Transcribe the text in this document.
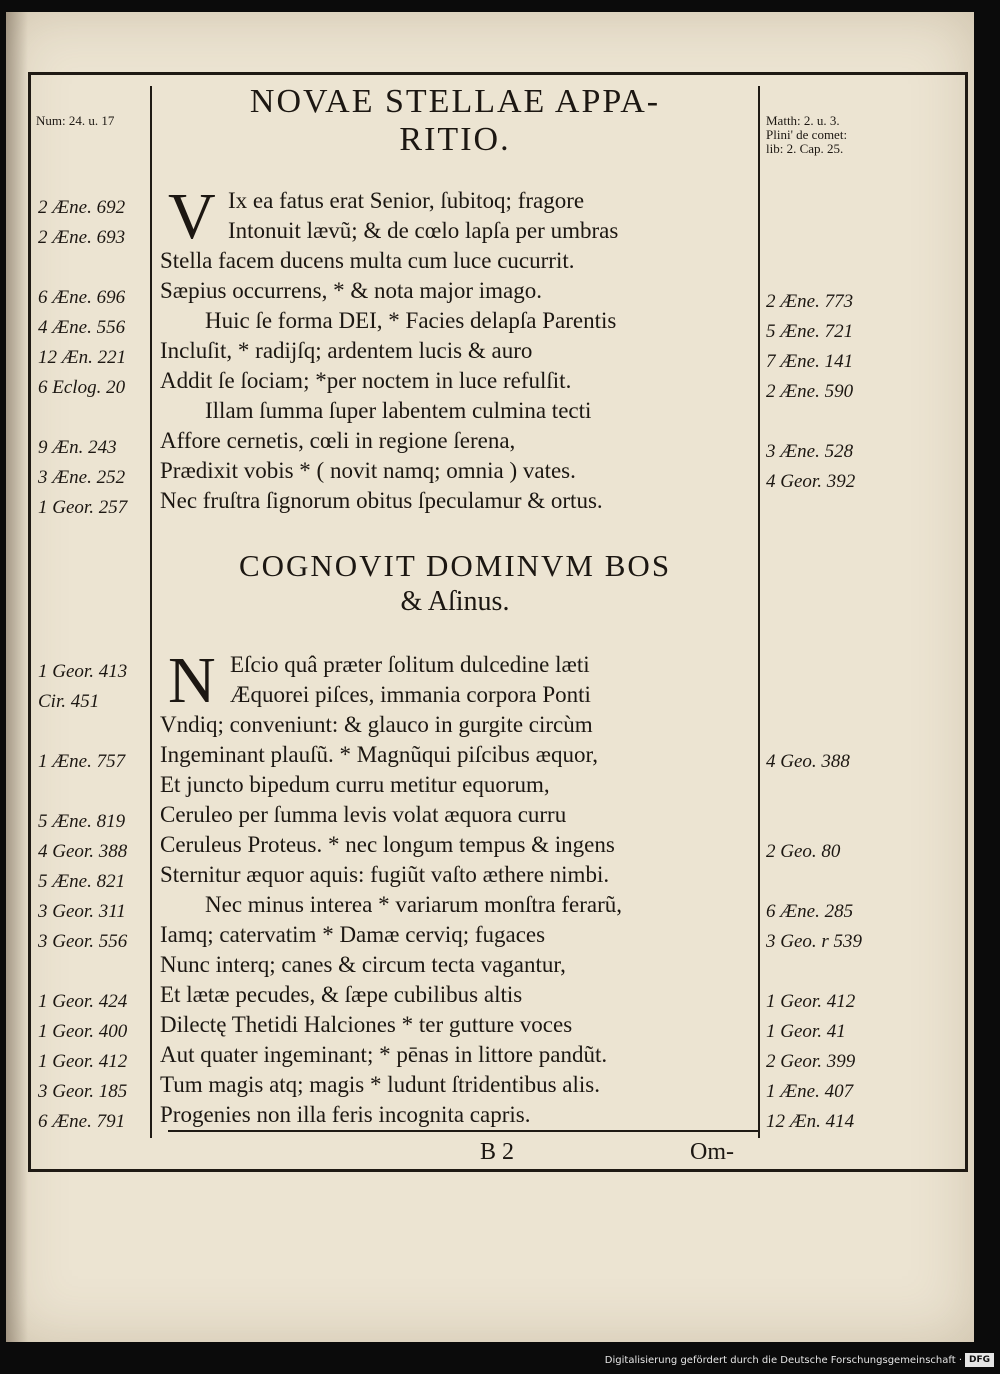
NOVAE STELLAE APPA-
RITIO.
V Ix ea fatus erat Senior, ſubitoq; fragore
Intonuit lævũ; & de cœlo lapſa per umbras
Stella facem ducens multa cum luce cucurrit.
Sæpius occurrens, * & nota major imago.
Huic ſe forma DEI, * Facies delapſa Parentis
Incluſit, * radijſq; ardentem lucis & auro
Addit ſe ſociam; *per noctem in luce refulſit.
Illam ſumma ſuper labentem culmina tecti
Affore cernetis, cœli in regione ſerena,
Prædixit vobis * ( novit namq; omnia ) vates.
Nec fruſtra ſignorum obitus ſpeculamur & ortus.
COGNOVIT DOMINVM BOS
& Aſinus.
N Eſcio quâ præter ſolitum dulcedine læti
Æquorei piſces, immania corpora Ponti
Vndiq; conveniunt: & glauco in gurgite circùm
Ingeminant plauſũ. * Magnũqui piſcibus æquor,
Et juncto bipedum curru metitur equorum,
Ceruleo per ſumma levis volat æquora curru
Ceruleus Proteus. * nec longum tempus & ingens
Sternitur æquor aquis: fugiũt vaſto æthere nimbi.
Nec minus interea * variarum monſtra ferarũ,
Iamq; catervatim * Damæ cerviq; fugaces
Nunc interq; canes & circum tecta vagantur,
Et lætæ pecudes, & ſæpe cubilibus altis
Dilectę Thetidi Halciones * ter gutture voces
Aut quater ingeminant; * pēnas in littore pandũt.
Tum magis atq; magis * ludunt ſtridentibus alis.
Progenies non illa feris incognita capris.
Num: 24. u. 17
2 Æne. 692
2 Æne. 693
6 Æne. 696
4 Æne. 556
12 Æn. 221
6 Eclog. 20
9 Æn. 243
3 Æne. 252
1 Geor. 257
1 Geor. 413
Cir. 451
1 Æne. 757
5 Æne. 819
4 Geor. 388
5 Æne. 821
3 Geor. 311
3 Geor. 556
1 Geor. 424
1 Geor. 400
1 Geor. 412
3 Geor. 185
6 Æne. 791
Matth: 2. u. 3.
Plini' de comet:
lib: 2. Cap. 25.
2 Æne. 773
5 Æne. 721
7 Æne. 141
2 Æne. 590
3 Æne. 528
4 Geor. 392
4 Geo. 388
2 Geo. 80
6 Æne. 285
3 Geo. r 539
1 Geor. 412
1 Geor. 41
2 Geor. 399
1 Æne. 407
12 Æn. 414
B 2	Om-
Digitalisierung gefördert durch die Deutsche Forschungsgemeinschaft · DFG
